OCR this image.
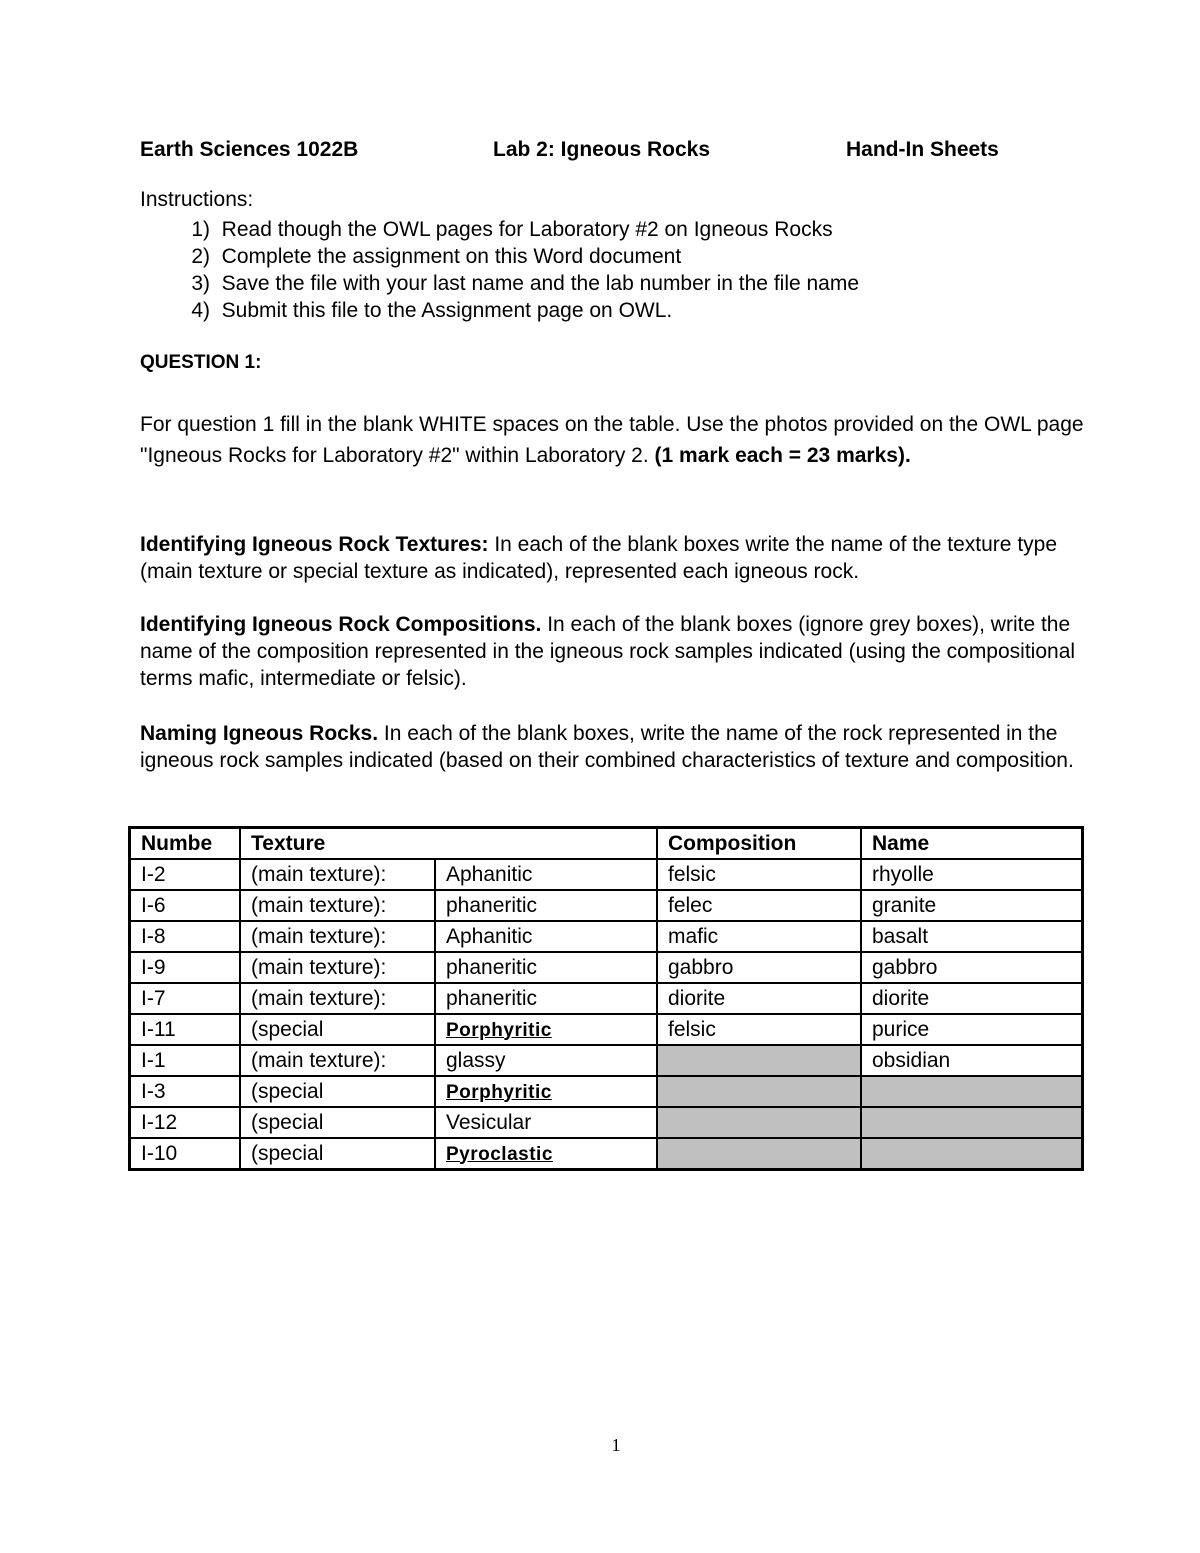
Earth Sciences 1022B	Lab 2: Igneous Rocks	Hand-In Sheets
Instructions:
1) Read though the OWL pages for Laboratory #2 on Igneous Rocks
2) Complete the assignment on this Word document
3) Save the file with your last name and the lab number in the file name
4) Submit this file to the Assignment page on OWL.
QUESTION 1:
For question 1 fill in the blank WHITE spaces on the table. Use the photos provided on the OWL page "Igneous Rocks for Laboratory #2" within Laboratory 2. (1 mark each = 23 marks).
Identifying Igneous Rock Textures: In each of the blank boxes write the name of the texture type (main texture or special texture as indicated), represented each igneous rock.
Identifying Igneous Rock Compositions. In each of the blank boxes (ignore grey boxes), write the name of the composition represented in the igneous rock samples indicated (using the compositional terms mafic, intermediate or felsic).
Naming Igneous Rocks. In each of the blank boxes, write the name of the rock represented in the igneous rock samples indicated (based on their combined characteristics of texture and composition.
Numbe	Texture		Composition	Name
I-2	(main texture):	Aphanitic	felsic	rhyolle
I-6	(main texture):	phaneritic	felec	granite
I-8	(main texture):	Aphanitic	mafic	basalt
I-9	(main texture):	phaneritic	gabbro	gabbro
I-7	(main texture):	phaneritic	diorite	diorite
I-11	(special	Porphyritic	felsic	purice
I-1	(main texture):	glassy		obsidian
I-3	(special	Porphyritic		
I-12	(special	Vesicular		
I-10	(special	Pyroclastic		
1
